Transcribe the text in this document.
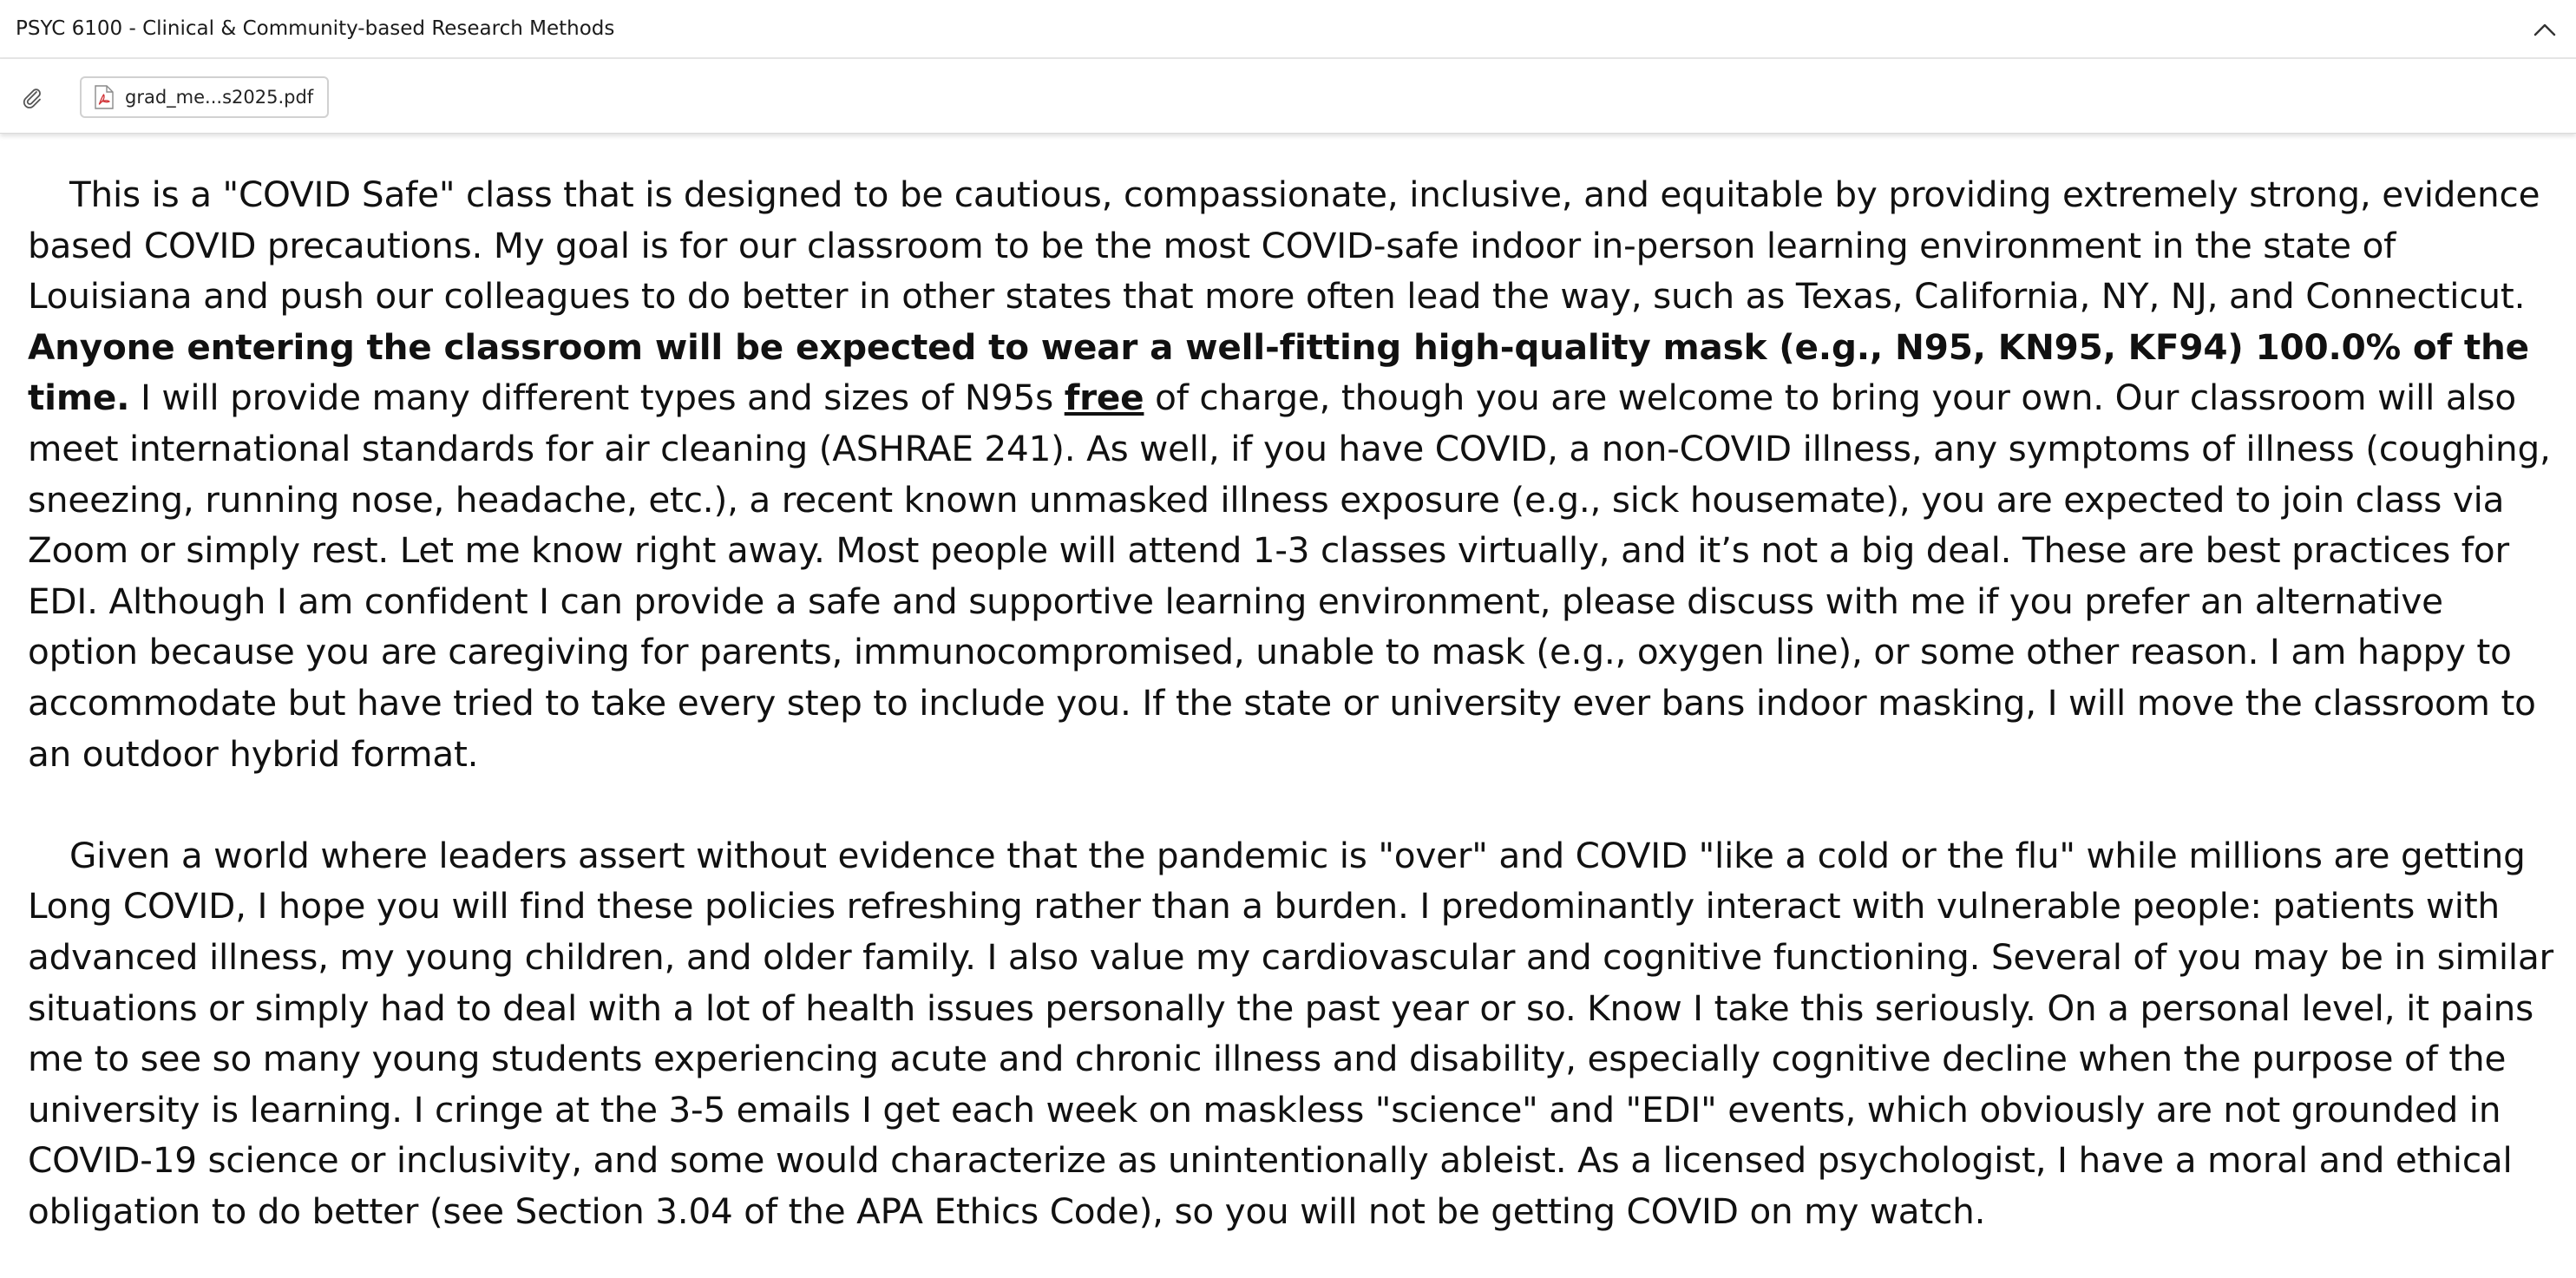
PSYC 6100 - Clinical & Community-based Research Methods
grad_me...s2025.pdf

This is a "COVID Safe" class that is designed to be cautious, compassionate, inclusive, and equitable by providing extremely strong, evidence based COVID precautions. My goal is for our classroom to be the most COVID-safe indoor in-person learning environment in the state of Louisiana and push our colleagues to do better in other states that more often lead the way, such as Texas, California, NY, NJ, and Connecticut. Anyone entering the classroom will be expected to wear a well-fitting high-quality mask (e.g., N95, KN95, KF94) 100.0% of the time. I will provide many different types and sizes of N95s free of charge, though you are welcome to bring your own. Our classroom will also meet international standards for air cleaning (ASHRAE 241). As well, if you have COVID, a non-COVID illness, any symptoms of illness (coughing, sneezing, running nose, headache, etc.), a recent known unmasked illness exposure (e.g., sick housemate), you are expected to join class via Zoom or simply rest. Let me know right away. Most people will attend 1-3 classes virtually, and it’s not a big deal. These are best practices for EDI. Although I am confident I can provide a safe and supportive learning environment, please discuss with me if you prefer an alternative option because you are caregiving for parents, immunocompromised, unable to mask (e.g., oxygen line), or some other reason. I am happy to accommodate but have tried to take every step to include you. If the state or university ever bans indoor masking, I will move the classroom to an outdoor hybrid format.

Given a world where leaders assert without evidence that the pandemic is "over" and COVID "like a cold or the flu" while millions are getting Long COVID, I hope you will find these policies refreshing rather than a burden. I predominantly interact with vulnerable people: patients with advanced illness, my young children, and older family. I also value my cardiovascular and cognitive functioning. Several of you may be in similar situations or simply had to deal with a lot of health issues personally the past year or so. Know I take this seriously. On a personal level, it pains me to see so many young students experiencing acute and chronic illness and disability, especially cognitive decline when the purpose of the university is learning. I cringe at the 3-5 emails I get each week on maskless "science" and "EDI" events, which obviously are not grounded in COVID-19 science or inclusivity, and some would characterize as unintentionally ableist. As a licensed psychologist, I have a moral and ethical obligation to do better (see Section 3.04 of the APA Ethics Code), so you will not be getting COVID on my watch.
